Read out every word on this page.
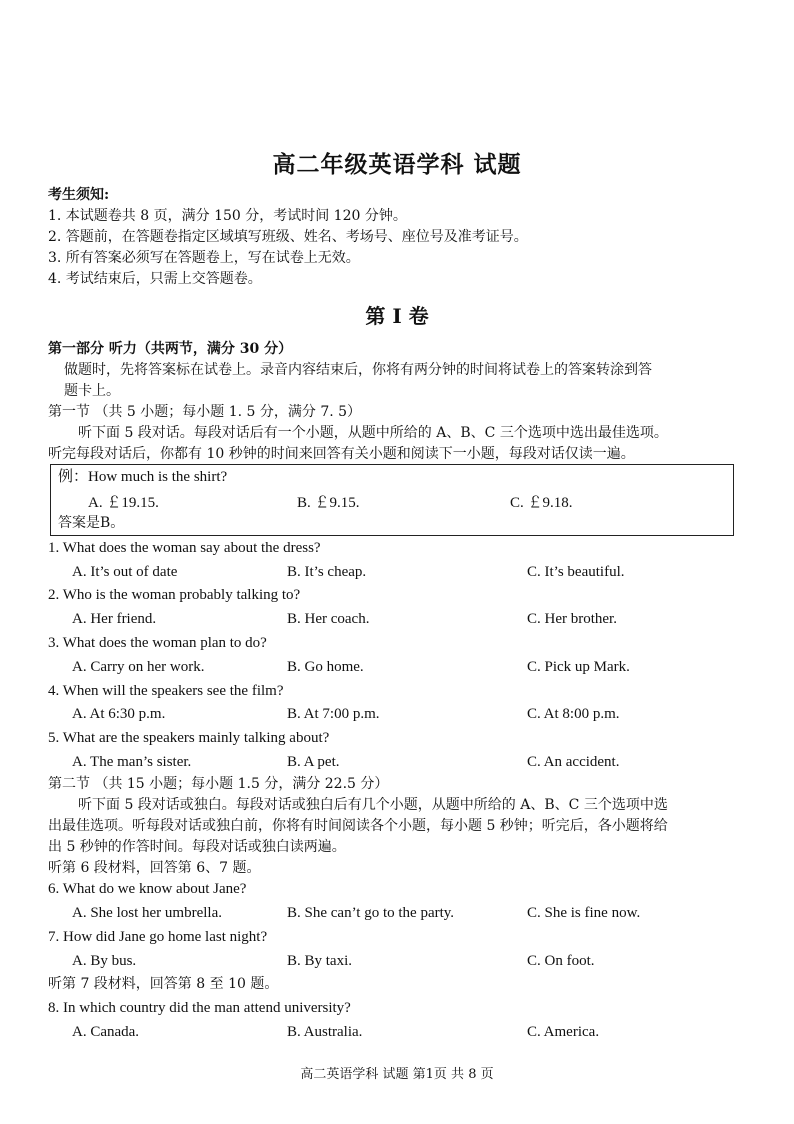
高二年级英语学科 试题
考生须知:
1. 本试题卷共 8 页，满分 150 分，考试时间 120 分钟。
2. 答题前，在答题卷指定区域填写班级、姓名、考场号、座位号及准考证号。
3. 所有答案必须写在答题卷上，写在试卷上无效。
4. 考试结束后，只需上交答题卷。
第 I 卷
第一部分 听力（共两节，满分 30 分）
做题时，先将答案标在试卷上。录音内容结束后，你将有两分钟的时间将试卷上的答案转涂到答
题卡上。
第一节 （共 5 小题；每小题 1. 5 分，满分 7. 5）
听下面 5 段对话。每段对话后有一个小题，从题中所给的 A、B、C 三个选项中选出最佳选项。
听完每段对话后，你都有 10 秒钟的时间来回答有关小题和阅读下一小题，每段对话仅读一遍。
例：How much is the shirt?
A. ￡19.15.	B. ￡9.15.	C. ￡9.18.
答案是B。
1. What does the woman say about the dress?
A. It’s out of date	B. It’s cheap.	C. It’s beautiful.
2. Who is the woman probably talking to?
A. Her friend.	B. Her coach.	C. Her brother.
3. What does the woman plan to do?
A. Carry on her work.	B. Go home.	C. Pick up Mark.
4. When will the speakers see the film?
A. At 6:30 p.m.	B. At 7:00 p.m.	C. At 8:00 p.m.
5. What are the speakers mainly talking about?
A. The man’s sister.	B. A pet.	C. An accident.
第二节 （共 15 小题；每小题 1.5 分，满分 22.5 分）
听下面 5 段对话或独白。每段对话或独白后有几个小题，从题中所给的 A、B、C 三个选项中选
出最佳选项。听每段对话或独白前，你将有时间阅读各个小题，每小题 5 秒钟；听完后，各小题将给
出 5 秒钟的作答时间。每段对话或独白读两遍。
听第 6 段材料，回答第 6、7 题。
6. What do we know about Jane?
A. She lost her umbrella.	B. She can’t go to the party.	C. She is fine now.
7. How did Jane go home last night?
A. By bus.	B. By taxi.	C. On foot.
听第 7 段材料，回答第 8 至 10 题。
8. In which country did the man attend university?
A. Canada.	B. Australia.	C. America.
高二英语学科 试题 第1页 共 8 页
